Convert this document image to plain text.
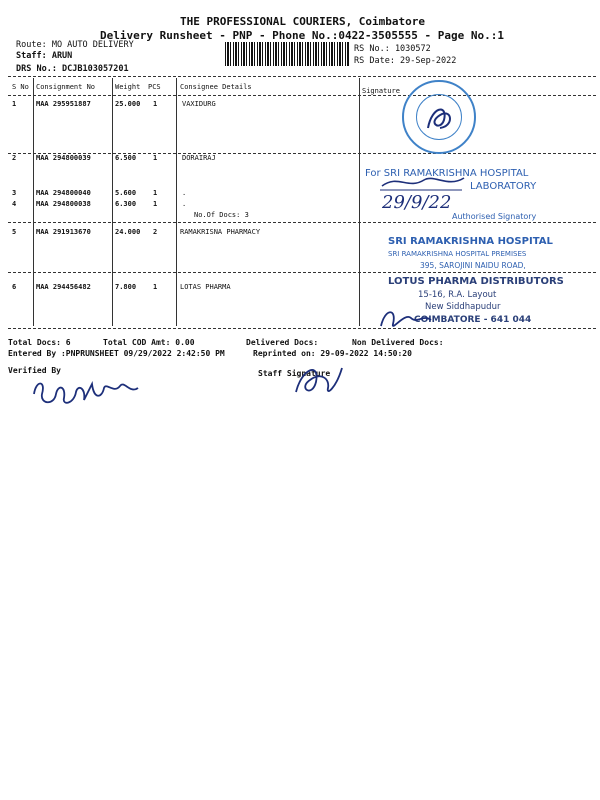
THE PROFESSIONAL COURIERS, Coimbatore
Delivery Runsheet - PNP - Phone No.:0422-3505555 - Page No.:1
Route: MO AUTO DELIVERY
Staff: ARUN
DRS No.: DCJB103057201
RS No.: 1030572
RS Date: 29-Sep-2022
S No Consignment No	Weight PCS	Consignee Details	Signature
1	MAA 295951887	25.000 1	VAXIDURG
2	MAA 294800039	6.500 1	DORAIRAJ
3	MAA 294800040	5.600 1	.
4	MAA 294800038	6.300 1	.
No.Of Docs: 3
5	MAA 291913670	24.000 2	RAMAKRISNA PHARMACY
6	MAA 294456482	7.800 1	LOTAS PHARMA
Total Docs: 6	Total COD Amt: 0.00	Delivered Docs:	Non Delivered Docs:
Entered By :PNPRUNSHEET 09/29/2022 2:42:50 PM	Reprinted on: 29-09-2022 14:50:20
Verified By	Staff Signature
For SRI RAMAKRISHNA HOSPITAL
LABORATORY
29/9/22
Authorised Signatory
SRI RAMAKRISHNA HOSPITAL
SRI RAMAKRISHNA HOSPITAL PREMISES
395, SAROJINI NAIDU ROAD,
LOTUS PHARMA DISTRIBUTORS
15-16, R.A. Layout
New Siddhapudur
COIMBATORE - 641 044
